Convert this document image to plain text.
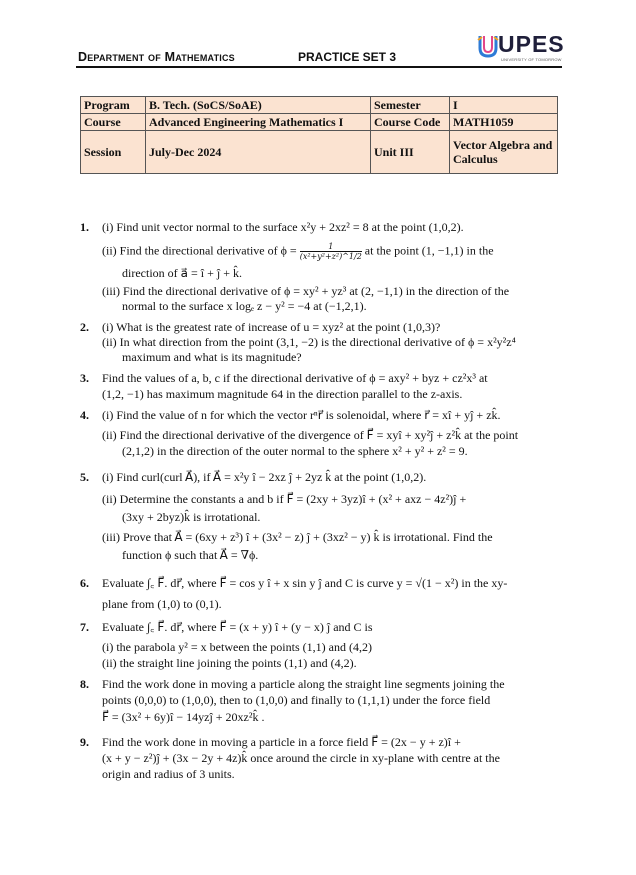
Department of Mathematics	PRACTICE SET 3	UPES
UNIVERSITY OF TOMORROW
Program	B. Tech. (SoCS/SoAE)	Semester	I
Course	Advanced Engineering Mathematics I	Course Code	MATH1059
Session	July-Dec 2024	Unit III	Vector Algebra and Calculus
1. (i) Find unit vector normal to the surface x²y + 2xz² = 8 at the point (1,0,2).
(ii) Find the directional derivative of $\phi = \frac{1}{\text{(x²+y²+z²)\textasciicircum{}1/2}}$ at the point (1, −1,1) in the
direction of a⃗ = î + ĵ + k̂.
(iii) Find the directional derivative of ϕ = xy² + yz³ at (2, −1,1) in the direction of the
normal to the surface x logₑ z − y² = −4 at (−1,2,1).
2. (i) What is the greatest rate of increase of u = xyz² at the point (1,0,3)?
(ii) In what direction from the point (3,1, −2) is the directional derivative of ϕ = x²y²z⁴
maximum and what is its magnitude?
3. Find the values of a, b, c if the directional derivative of ϕ = axy² + byz + cz²x³ at
(1,2, −1) has maximum magnitude 64 in the direction parallel to the z-axis.
4. (i) Find the value of n for which the vector rⁿr⃗ is solenoidal, where r⃗ = xî + yĵ + zk̂.
(ii) Find the directional derivative of the divergence of F⃗ = xyî + xy²ĵ + z²k̂ at the point
(2,1,2) in the direction of the outer normal to the sphere x² + y² + z² = 9.
5. (i) Find curl(curl A⃗), if A⃗ = x²y î − 2xz ĵ + 2yz k̂ at the point (1,0,2).
(ii) Determine the constants a and b if F⃗ = (2xy + 3yz)î + (x² + axz − 4z²)ĵ +
(3xy + 2byz)k̂ is irrotational.
(iii) Prove that A⃗ = (6xy + z³) î + (3x² − z) ĵ + (3xz² − y) k̂ is irrotational. Find the
function ϕ such that A⃗ = ∇ϕ.
6. Evaluate ∫꜀ F⃗. dr⃗, where F⃗ = cos y î + x sin y ĵ and C is curve y = √(1 − x²) in the xy-
plane from (1,0) to (0,1).
7. Evaluate ∫꜀ F⃗. dr⃗, where F⃗ = (x + y) î + (y − x) ĵ and C is
(i) the parabola y² = x between the points (1,1) and (4,2)
(ii) the straight line joining the points (1,1) and (4,2).
8. Find the work done in moving a particle along the straight line segments joining the
points (0,0,0) to (1,0,0), then to (1,0,0) and finally to (1,1,1) under the force field
F⃗ = (3x² + 6y)î − 14yzĵ + 20xz²k̂ .
9. Find the work done in moving a particle in a force field F⃗ = (2x − y + z)î +
(x + y − z²)ĵ + (3x − 2y + 4z)k̂ once around the circle in xy-plane with centre at the
origin and radius of 3 units.
